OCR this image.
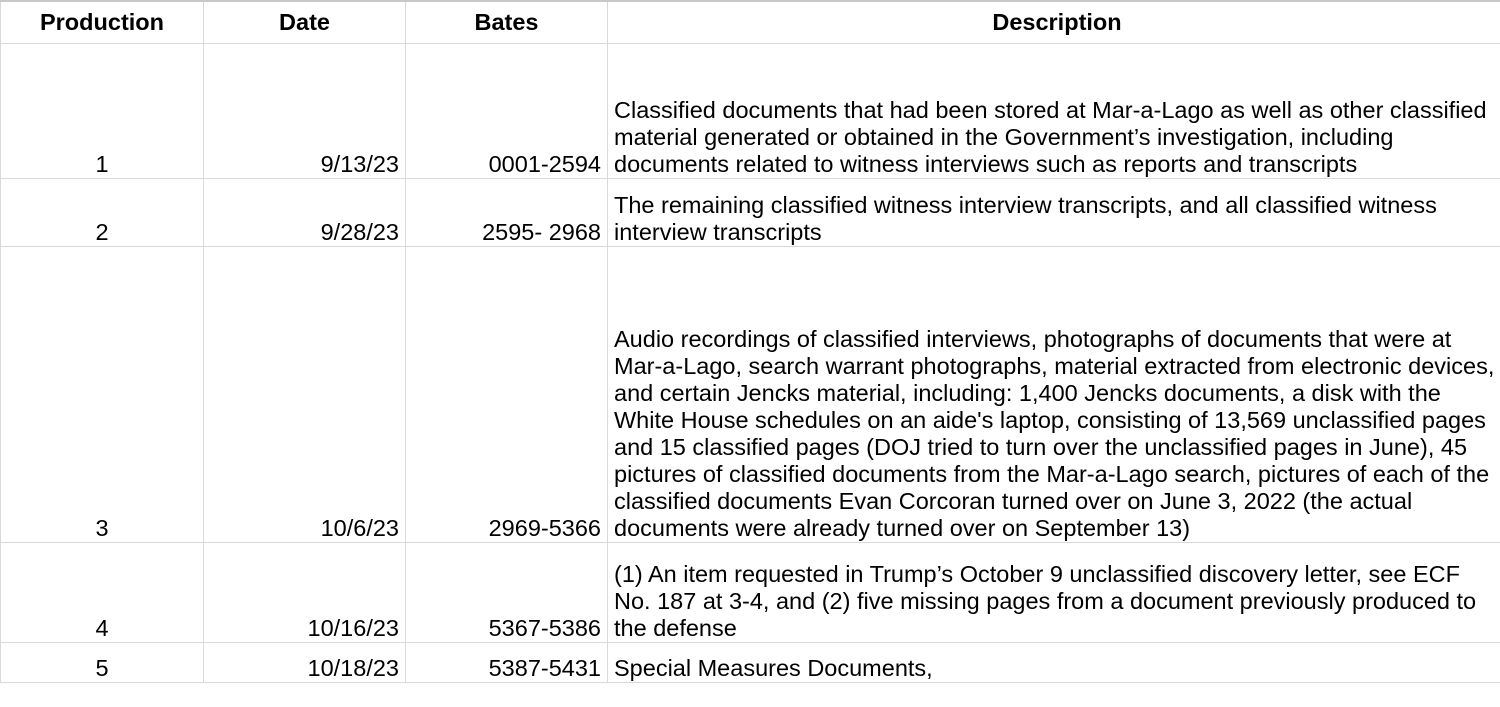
Production	Date	Bates	Description
1	9/13/23	0001-2594	Classified documents that had been stored at Mar-a-Lago as well as other classified material generated or obtained in the Government’s investigation, including documents related to witness interviews such as reports and transcripts
2	9/28/23	2595- 2968	The remaining classified witness interview transcripts, and all classified witness interview transcripts
3	10/6/23	2969-5366	Audio recordings of classified interviews, photographs of documents that were at Mar-a-Lago, search warrant photographs, material extracted from electronic devices, and certain Jencks material, including: 1,400 Jencks documents, a disk with the White House schedules on an aide's laptop, consisting of 13,569 unclassified pages and 15 classified pages (DOJ tried to turn over the unclassified pages in June), 45 pictures of classified documents from the Mar-a-Lago search, pictures of each of the classified documents Evan Corcoran turned over on June 3, 2022 (the actual documents were already turned over on September 13)
4	10/16/23	5367-5386	(1) An item requested in Trump’s October 9 unclassified discovery letter, see ECF No. 187 at 3-4, and (2) five missing pages from a document previously produced to the defense
5	10/18/23	5387-5431	Special Measures Documents,
